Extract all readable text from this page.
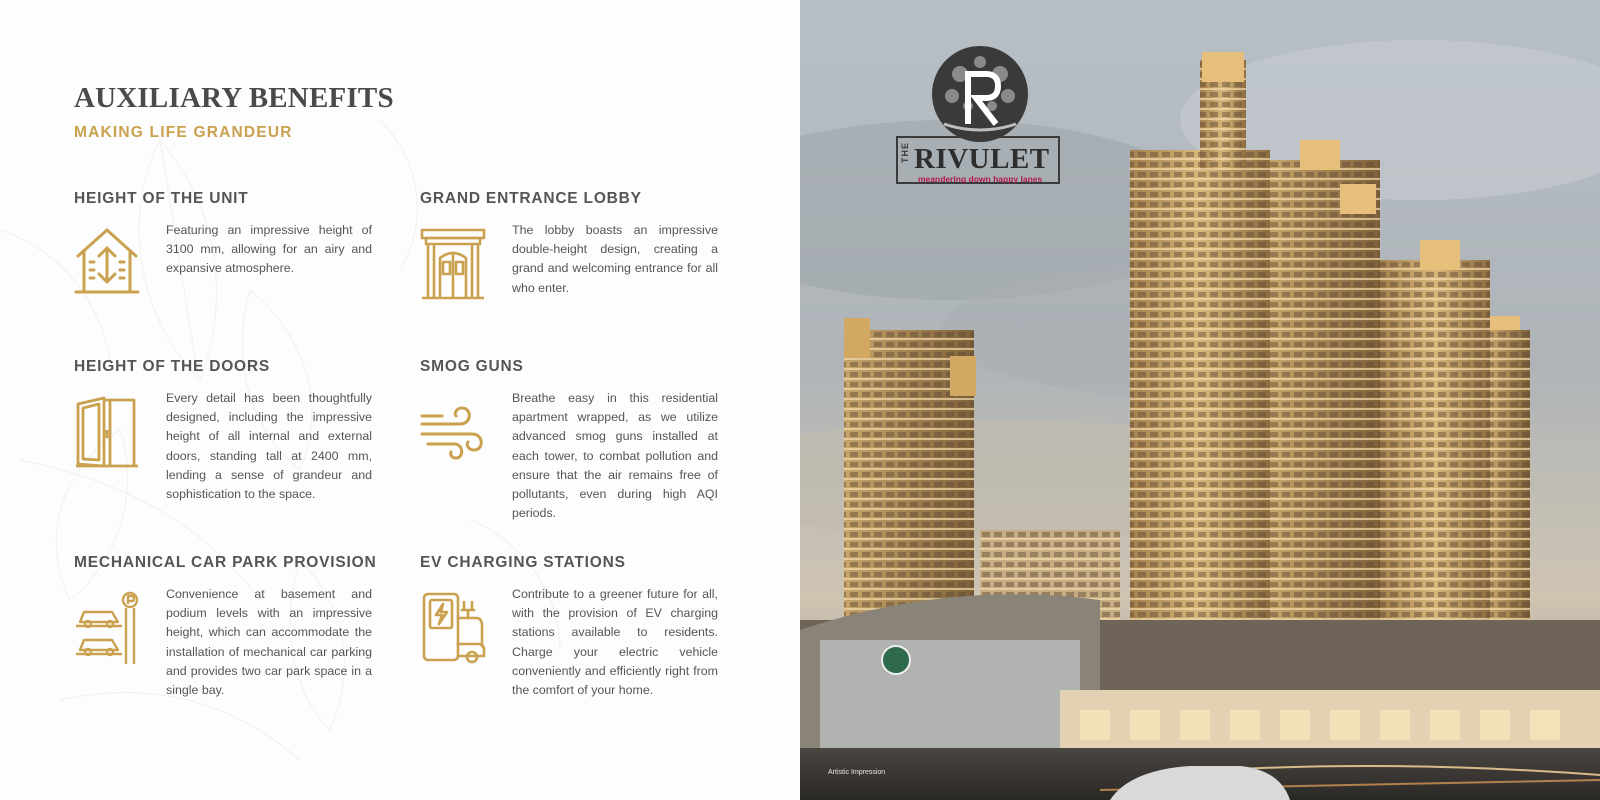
AUXILIARY BENEFITS
MAKING LIFE GRANDEUR
HEIGHT OF THE UNIT

Featuring an impressive height of 3100 mm, allowing for an airy and expansive atmosphere.

GRAND ENTRANCE LOBBY

The lobby boasts an impressive double-height design, creating a grand and welcoming entrance for all who enter.

HEIGHT OF THE DOORS

Every detail has been thoughtfully designed, including the impressive height of all internal and external doors, standing tall at 2400 mm, lending a sense of grandeur and sophistication to the space.

SMOG GUNS

Breathe easy in this residential apartment wrapped, as we utilize advanced smog guns installed at each tower, to combat pollution and ensure that the air remains free of pollutants, even during high AQI periods.

MECHANICAL CAR PARK PROVISION

Convenience at basement and podium levels with an impressive height, which can accommodate the installation of mechanical car parking and provides two car park space in a single bay.

EV CHARGING STATIONS

Contribute to a greener future for all, with the provision of EV charging stations available to residents. Charge your electric vehicle conveniently and efficiently right from the comfort of your home.

THE RIVULET
meandering down happy lanes
Artistic Impression
